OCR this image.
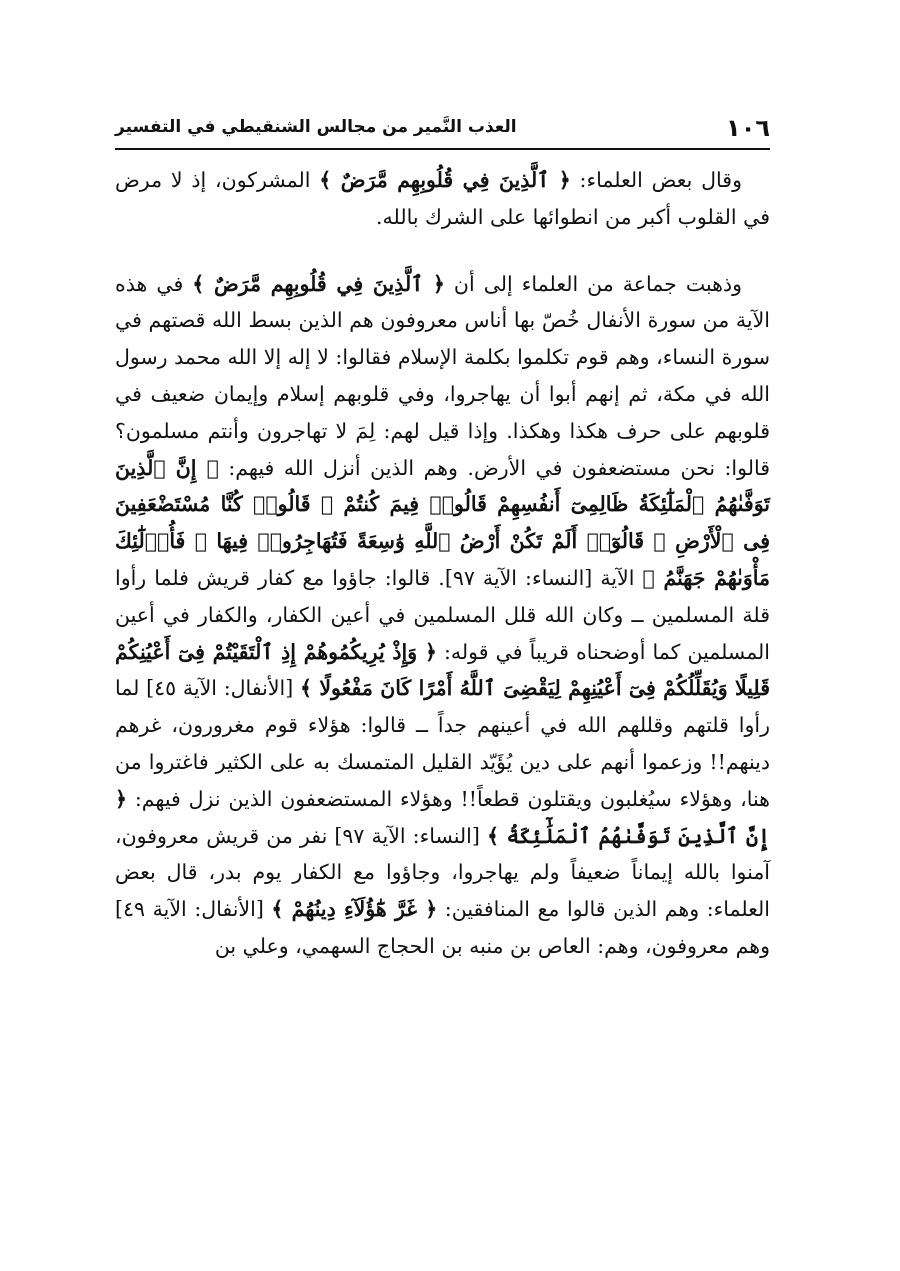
١٠٦
العذب النَّمير من مجالس الشنقيطي في التفسير

وقال بعض العلماء: ﴿ ٱلَّذِينَ فِي قُلُوبِهِم مَّرَضٌ ﴾ المشركون، إذ لا مرض في القلوب أكبر من انطوائها على الشرك بالله.

وذهبت جماعة من العلماء إلى أن ﴿ ٱلَّذِينَ فِي قُلُوبِهِم مَّرَضٌ ﴾ في هذه الآية من سورة الأنفال خُصّ بها أناس معروفون هم الذين بسط الله قصتهم في سورة النساء، وهم قوم تكلموا بكلمة الإسلام فقالوا: لا إله إلا الله محمد رسول الله في مكة، ثم إنهم أبوا أن يهاجروا، وفي قلوبهم إسلام وإيمان ضعيف في قلوبهم على حرف هكذا وهكذا. وإذا قيل لهم: لِمَ لا تهاجرون وأنتم مسلمون؟ قالوا: نحن مستضعفون في الأرض. وهم الذين أنزل الله فيهم: ﴿ إِنَّ ٱلَّذِينَ تَوَفَّىٰهُمُ ٱلْمَلَٰٓئِكَةُ ظَالِمِىٓ أَنفُسِهِمْ قَالُوا۟ فِيمَ كُنتُمْ ۖ قَالُوا۟ كُنَّا مُسْتَضْعَفِينَ فِى ٱلْأَرْضِ ۚ قَالُوٓا۟ أَلَمْ تَكُنْ أَرْضُ ٱللَّهِ وَٰسِعَةً فَتُهَاجِرُوا۟ فِيهَا ۚ فَأُو۟لَٰٓئِكَ مَأْوَىٰهُمْ جَهَنَّمُ ﴾ الآية [النساء: الآية ٩٧]. قالوا: جاؤوا مع كفار قريش فلما رأوا قلة المسلمين ــ وكان الله قلل المسلمين في أعين الكفار، والكفار في أعين المسلمين كما أوضحناه قريباً في قوله: ﴿ وَإِذْ يُرِيكُمُوهُمْ إِذِ ٱلْتَقَيْتُمْ فِىٓ أَعْيُنِكُمْ قَلِيلًا وَيُقَلِّلُكُمْ فِىٓ أَعْيُنِهِمْ لِيَقْضِىَ ٱللَّهُ أَمْرًا كَانَ مَفْعُولًا ﴾ [الأنفال: الآية ٤٥] لما رأوا قلتهم وقللهم الله في أعينهم جداً ــ قالوا: هؤلاء قوم مغرورون، غرهم دينهم!! وزعموا أنهم على دين يُؤَيّد القليل المتمسك به على الكثير فاغتروا من هنا، وهؤلاء سيُغلبون ويقتلون قطعاً!! وهؤلاء المستضعفون الذين نزل فيهم: ﴿ إِنَّ ٱلَّذِينَ تَوَفَّىٰهُمُ ٱلْمَلَٰٓئِكَةُ ﴾ [النساء: الآية ٩٧] نفر من قريش معروفون، آمنوا بالله إيماناً ضعيفاً ولم يهاجروا، وجاؤوا مع الكفار يوم بدر، قال بعض العلماء: وهم الذين قالوا مع المنافقين: ﴿ غَرَّ هَٰٓؤُلَآءِ دِينُهُمْ ﴾ [الأنفال: الآية ٤٩] وهم معروفون، وهم: العاص بن منبه بن الحجاج السهمي، وعلي بن
